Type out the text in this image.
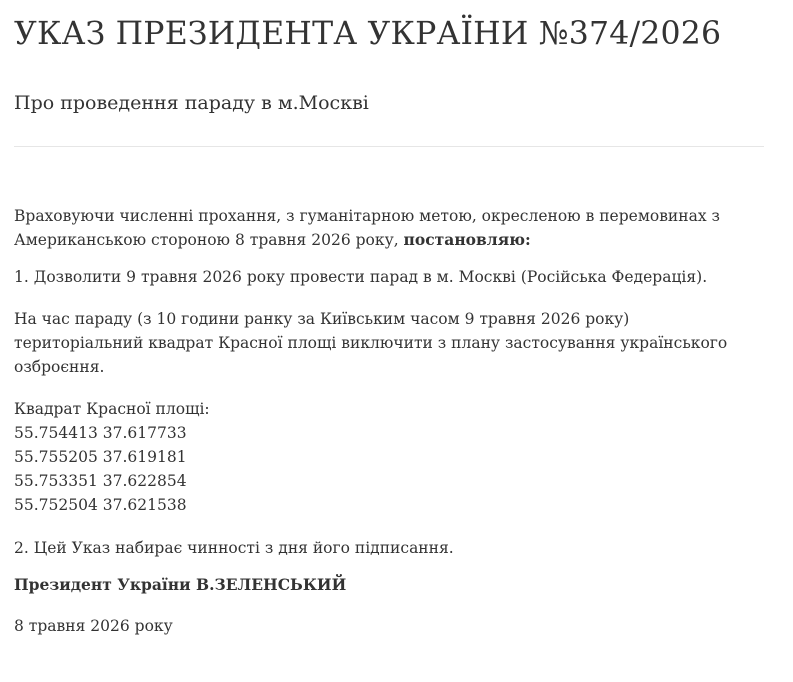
УКАЗ ПРЕЗИДЕНТА УКРАЇНИ №374/2026
Про проведення параду в м.Москві

Враховуючи численні прохання, з гуманітарною метою, окресленою в перемовинах з
Американською стороною 8 травня 2026 року, постановляю:

1. Дозволити 9 травня 2026 року провести парад в м. Москві (Російська Федерація).

На час параду (з 10 години ранку за Київським часом 9 травня 2026 року)
територіальний квадрат Красної площі виключити з плану застосування українського
озброєння.

Квадрат Красної площі:
55.754413 37.617733
55.755205 37.619181
55.753351 37.622854
55.752504 37.621538

2. Цей Указ набирає чинності з дня його підписання.

Президент України В.ЗЕЛЕНСЬКИЙ

8 травня 2026 року
